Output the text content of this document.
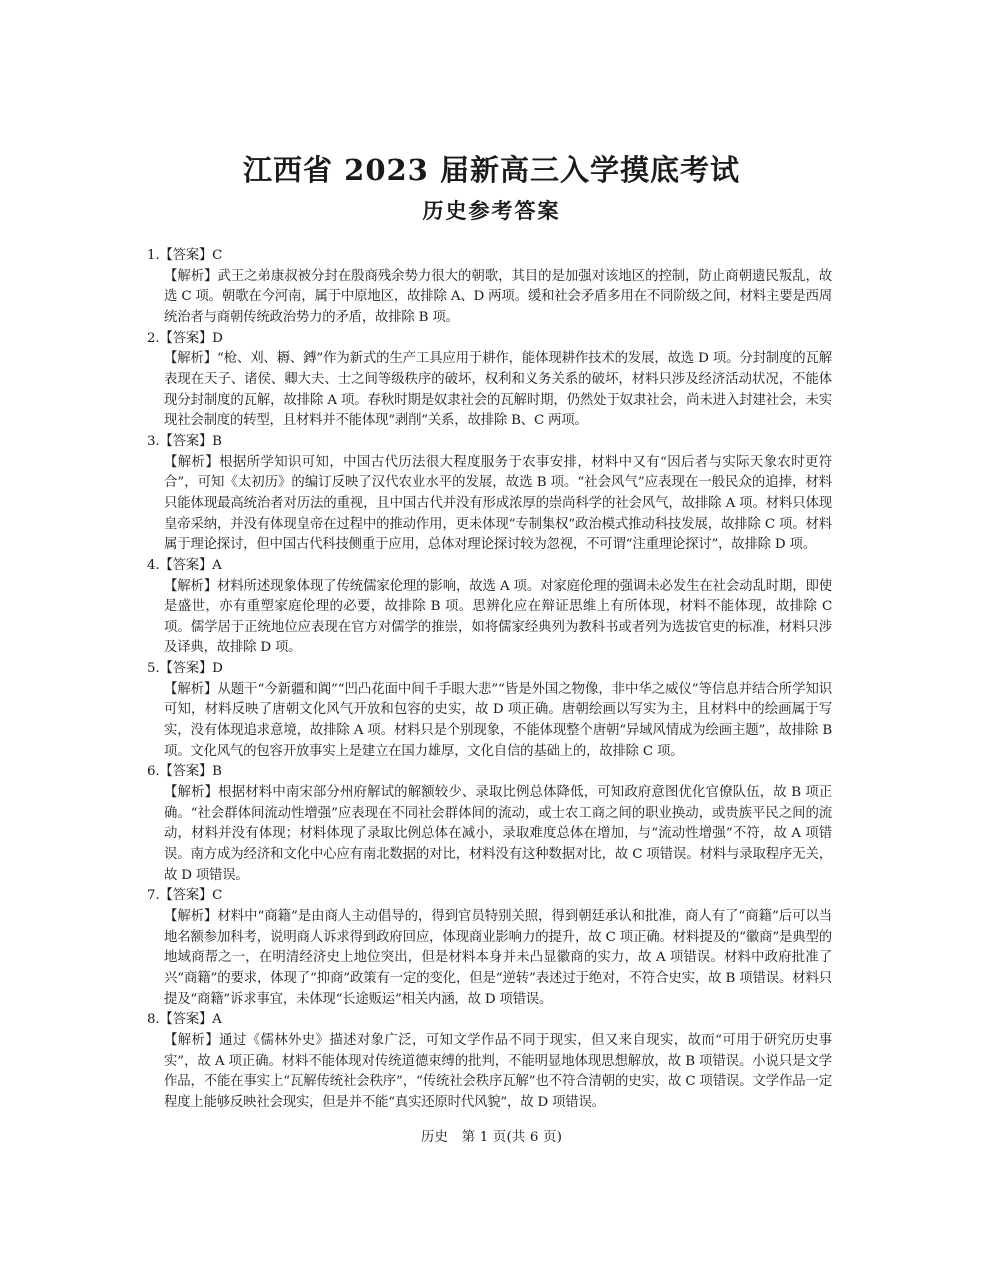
江西省 2023 届新高三入学摸底考试
历史参考答案

1.【答案】C

【解析】武王之弟康叔被分封在殷商残余势力很大的朝歌，其目的是加强对该地区的控制，防止商朝遗民叛乱，故选 C 项。朝歌在今河南，属于中原地区，故排除 A、D 两项。缓和社会矛盾多用在不同阶级之间，材料主要是西周统治者与商朝传统政治势力的矛盾，故排除 B 项。

2.【答案】D

【解析】“枪、刈、耨、鎛”作为新式的生产工具应用于耕作，能体现耕作技术的发展，故选 D 项。分封制度的瓦解表现在天子、诸侯、卿大夫、士之间等级秩序的破坏，权利和义务关系的破坏，材料只涉及经济活动状况，不能体现分封制度的瓦解，故排除 A 项。春秋时期是奴隶社会的瓦解时期，仍然处于奴隶社会，尚未进入封建社会，未实现社会制度的转型，且材料并不能体现“剥削”关系，故排除 B、C 两项。

3.【答案】B

【解析】根据所学知识可知，中国古代历法很大程度服务于农事安排，材料中又有“因后者与实际天象农时更符合”，可知《太初历》的编订反映了汉代农业水平的发展，故选 B 项。“社会风气”应表现在一般民众的追捧，材料只能体现最高统治者对历法的重视，且中国古代并没有形成浓厚的崇尚科学的社会风气，故排除 A 项。材料只体现皇帝采纳，并没有体现皇帝在过程中的推动作用，更未体现“专制集权”政治模式推动科技发展，故排除 C 项。材料属于理论探讨，但中国古代科技侧重于应用，总体对理论探讨较为忽视，不可谓“注重理论探讨”，故排除 D 项。

4.【答案】A

【解析】材料所述现象体现了传统儒家伦理的影响，故选 A 项。对家庭伦理的强调未必发生在社会动乱时期，即使是盛世，亦有重塑家庭伦理的必要，故排除 B 项。思辨化应在辩证思维上有所体现，材料不能体现，故排除 C 项。儒学居于正统地位应表现在官方对儒学的推崇，如将儒家经典列为教科书或者列为选拔官吏的标准，材料只涉及译典，故排除 D 项。

5.【答案】D

【解析】从题干“今新疆和阗”“凹凸花面中间千手眼大悲”“皆是外国之物像，非中华之威仪”等信息并结合所学知识可知，材料反映了唐朝文化风气开放和包容的史实，故 D 项正确。唐朝绘画以写实为主，且材料中的绘画属于写实，没有体现追求意境，故排除 A 项。材料只是个别现象，不能体现整个唐朝“异域风情成为绘画主题”，故排除 B 项。文化风气的包容开放事实上是建立在国力雄厚，文化自信的基础上的，故排除 C 项。

6.【答案】B

【解析】根据材料中南宋部分州府解试的解额较少、录取比例总体降低，可知政府意图优化官僚队伍，故 B 项正确。“社会群体间流动性增强”应表现在不同社会群体间的流动，或士农工商之间的职业换动，或贵族平民之间的流动，材料并没有体现；材料体现了录取比例总体在减小，录取难度总体在增加，与“流动性增强”不符，故 A 项错误。南方成为经济和文化中心应有南北数据的对比，材料没有这种数据对比，故 C 项错误。材料与录取程序无关，故 D 项错误。

7.【答案】C

【解析】材料中“商籍”是由商人主动倡导的，得到官员特别关照，得到朝廷承认和批准，商人有了“商籍”后可以当地名额参加科考，说明商人诉求得到政府回应，体现商业影响力的提升，故 C 项正确。材料提及的“徽商”是典型的地域商帮之一，在明清经济史上地位突出，但是材料本身并未凸显徽商的实力，故 A 项错误。材料中政府批准了兴“商籍”的要求，体现了“抑商”政策有一定的变化，但是“逆转”表述过于绝对，不符合史实，故 B 项错误。材料只提及“商籍”诉求事宜，未体现“长途贩运”相关内涵，故 D 项错误。

8.【答案】A

【解析】通过《儒林外史》描述对象广泛，可知文学作品不同于现实，但又来自现实，故而“可用于研究历史事实”，故 A 项正确。材料不能体现对传统道德束缚的批判，不能明显地体现思想解放，故 B 项错误。小说只是文学作品，不能在事实上“瓦解传统社会秩序”，“传统社会秩序瓦解”也不符合清朝的史实，故 C 项错误。文学作品一定程度上能够反映社会现实，但是并不能“真实还原时代风貌”，故 D 项错误。

历史　第 1 页(共 6 页)
